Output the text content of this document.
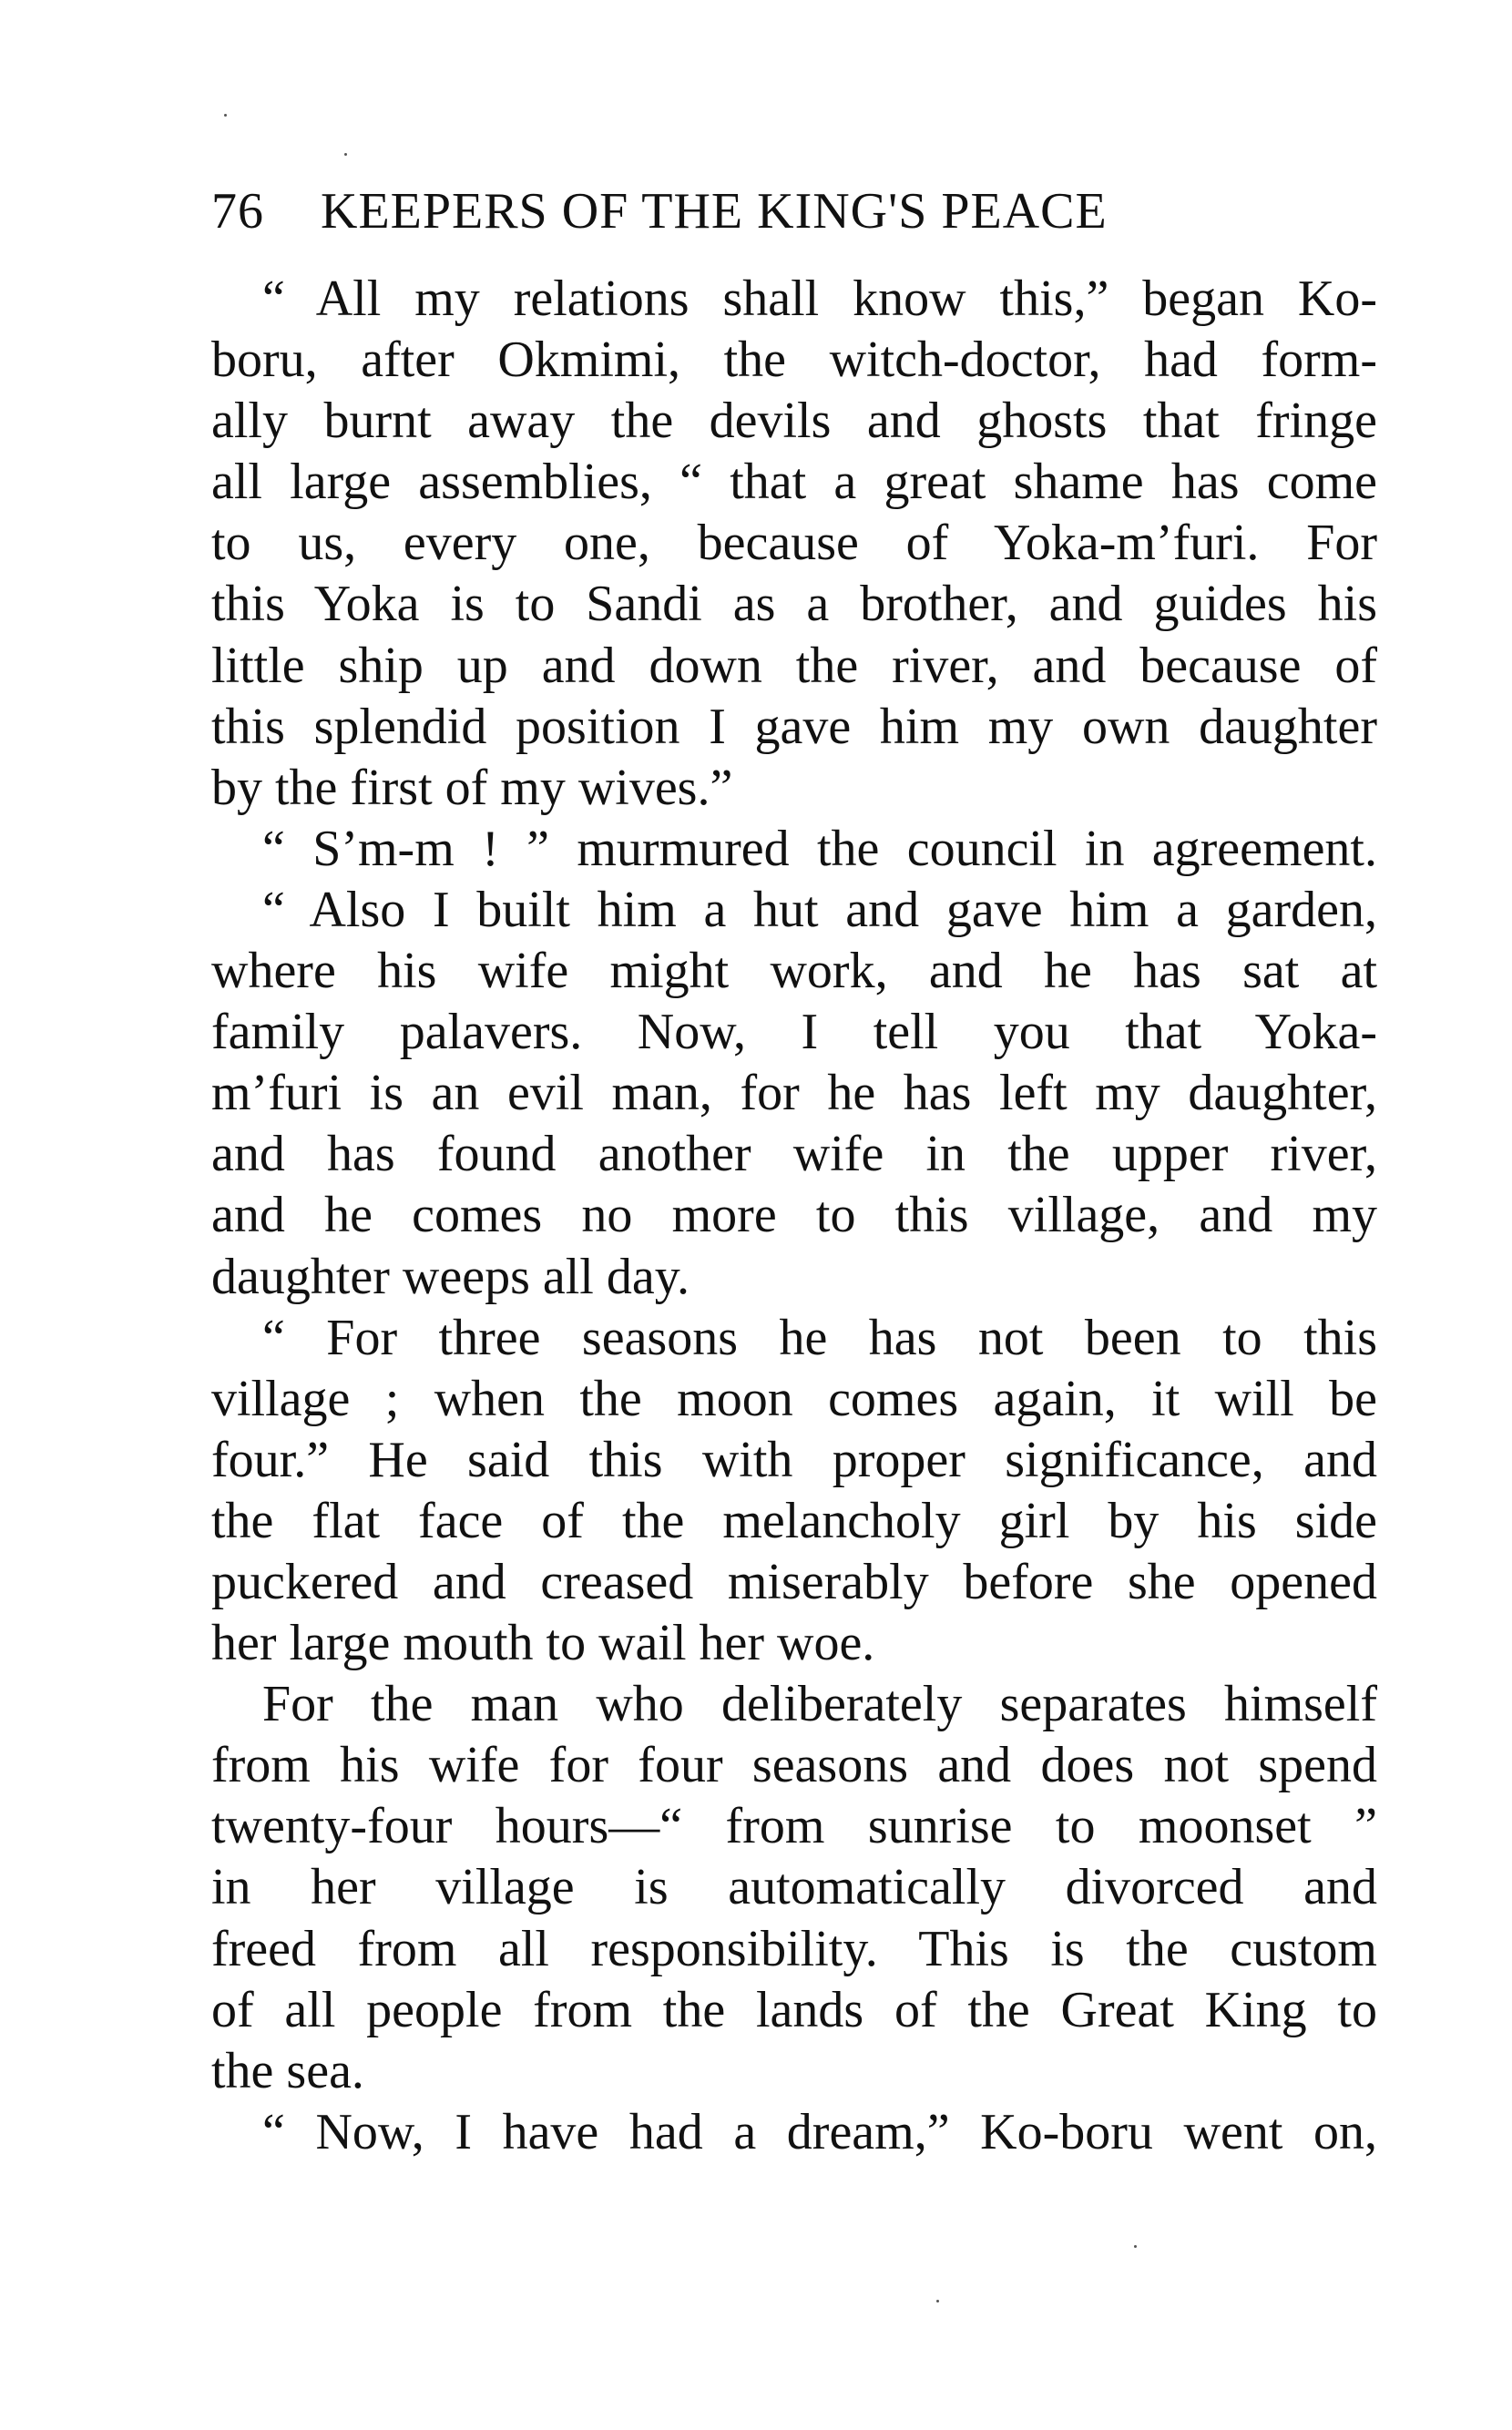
76 KEEPERS OF THE KING'S PEACE
“ All my relations shall know this,” began Ko-
boru, after Okmimi, the witch-doctor, had form-
ally burnt away the devils and ghosts that fringe
all large assemblies, “ that a great shame has come
to us, every one, because of Yoka-m’furi. For
this Yoka is to Sandi as a brother, and guides his
little ship up and down the river, and because of
this splendid position I gave him my own daughter
by the first of my wives.”
“ S’m-m ! ” murmured the council in agreement.
“ Also I built him a hut and gave him a garden,
where his wife might work, and he has sat at
family palavers. Now, I tell you that Yoka-
m’furi is an evil man, for he has left my daughter,
and has found another wife in the upper river,
and he comes no more to this village, and my
daughter weeps all day.
“ For three seasons he has not been to this
village ; when the moon comes again, it will be
four.” He said this with proper significance, and
the flat face of the melancholy girl by his side
puckered and creased miserably before she opened
her large mouth to wail her woe.
For the man who deliberately separates himself
from his wife for four seasons and does not spend
twenty-four hours—“ from sunrise to moonset ”
in her village is automatically divorced and
freed from all responsibility. This is the custom
of all people from the lands of the Great King to
the sea.
“ Now, I have had a dream,” Ko-boru went on,
